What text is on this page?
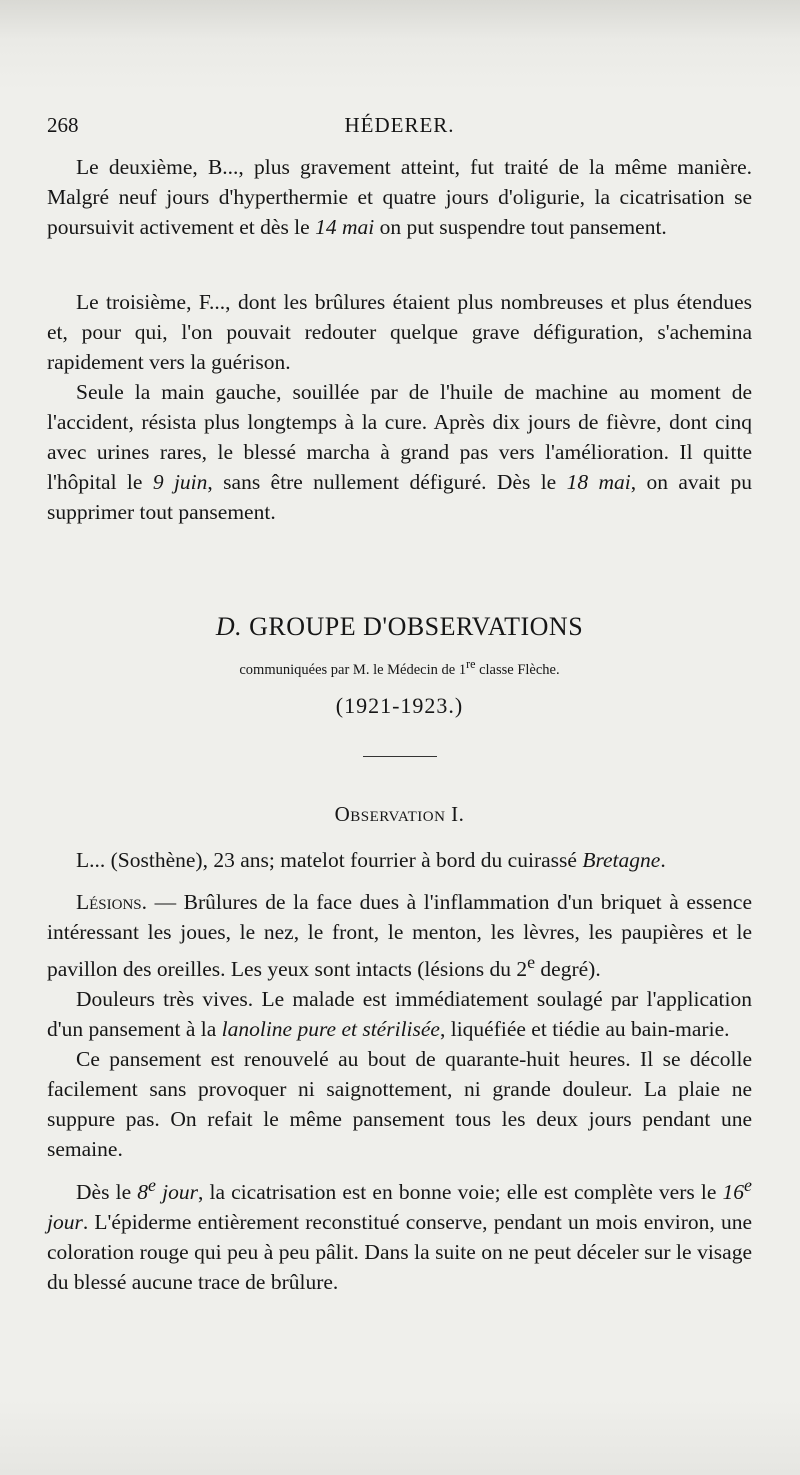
268	HÉDERER.

Le deuxième, B..., plus gravement atteint, fut traité de la même manière. Malgré neuf jours d'hyperthermie et quatre jours d'oligurie, la cicatrisation se poursuivit activement et dès le 14 mai on put suspendre tout pansement.

Le troisième, F..., dont les brûlures étaient plus nombreuses et plus étendues et, pour qui, l'on pouvait redouter quelque grave défiguration, s'achemina rapidement vers la guérison.

Seule la main gauche, souillée par de l'huile de machine au moment de l'accident, résista plus longtemps à la cure. Après dix jours de fièvre, dont cinq avec urines rares, le blessé marcha à grand pas vers l'amélioration. Il quitte l'hôpital le 9 juin, sans être nullement défiguré. Dès le 18 mai, on avait pu supprimer tout pansement.

D. GROUPE D'OBSERVATIONS
communiquées par M. le Médecin de 1re classe Flèche.
(1921-1923.)
Observation I.

L... (Sosthène), 23 ans; matelot fourrier à bord du cuirassé Bretagne.

Lésions. — Brûlures de la face dues à l'inflammation d'un briquet à essence intéressant les joues, le nez, le front, le menton, les lèvres, les paupières et le pavillon des oreilles. Les yeux sont intacts (lésions du 2e degré).

Douleurs très vives. Le malade est immédiatement soulagé par l'application d'un pansement à la lanoline pure et stérilisée, liquéfiée et tiédie au bain-marie.

Ce pansement est renouvelé au bout de quarante-huit heures. Il se décolle facilement sans provoquer ni saignottement, ni grande douleur. La plaie ne suppure pas. On refait le même pansement tous les deux jours pendant une semaine.

Dès le 8e jour, la cicatrisation est en bonne voie; elle est complète vers le 16e jour. L'épiderme entièrement reconstitué conserve, pendant un mois environ, une coloration rouge qui peu à peu pâlit. Dans la suite on ne peut déceler sur le visage du blessé aucune trace de brûlure.
